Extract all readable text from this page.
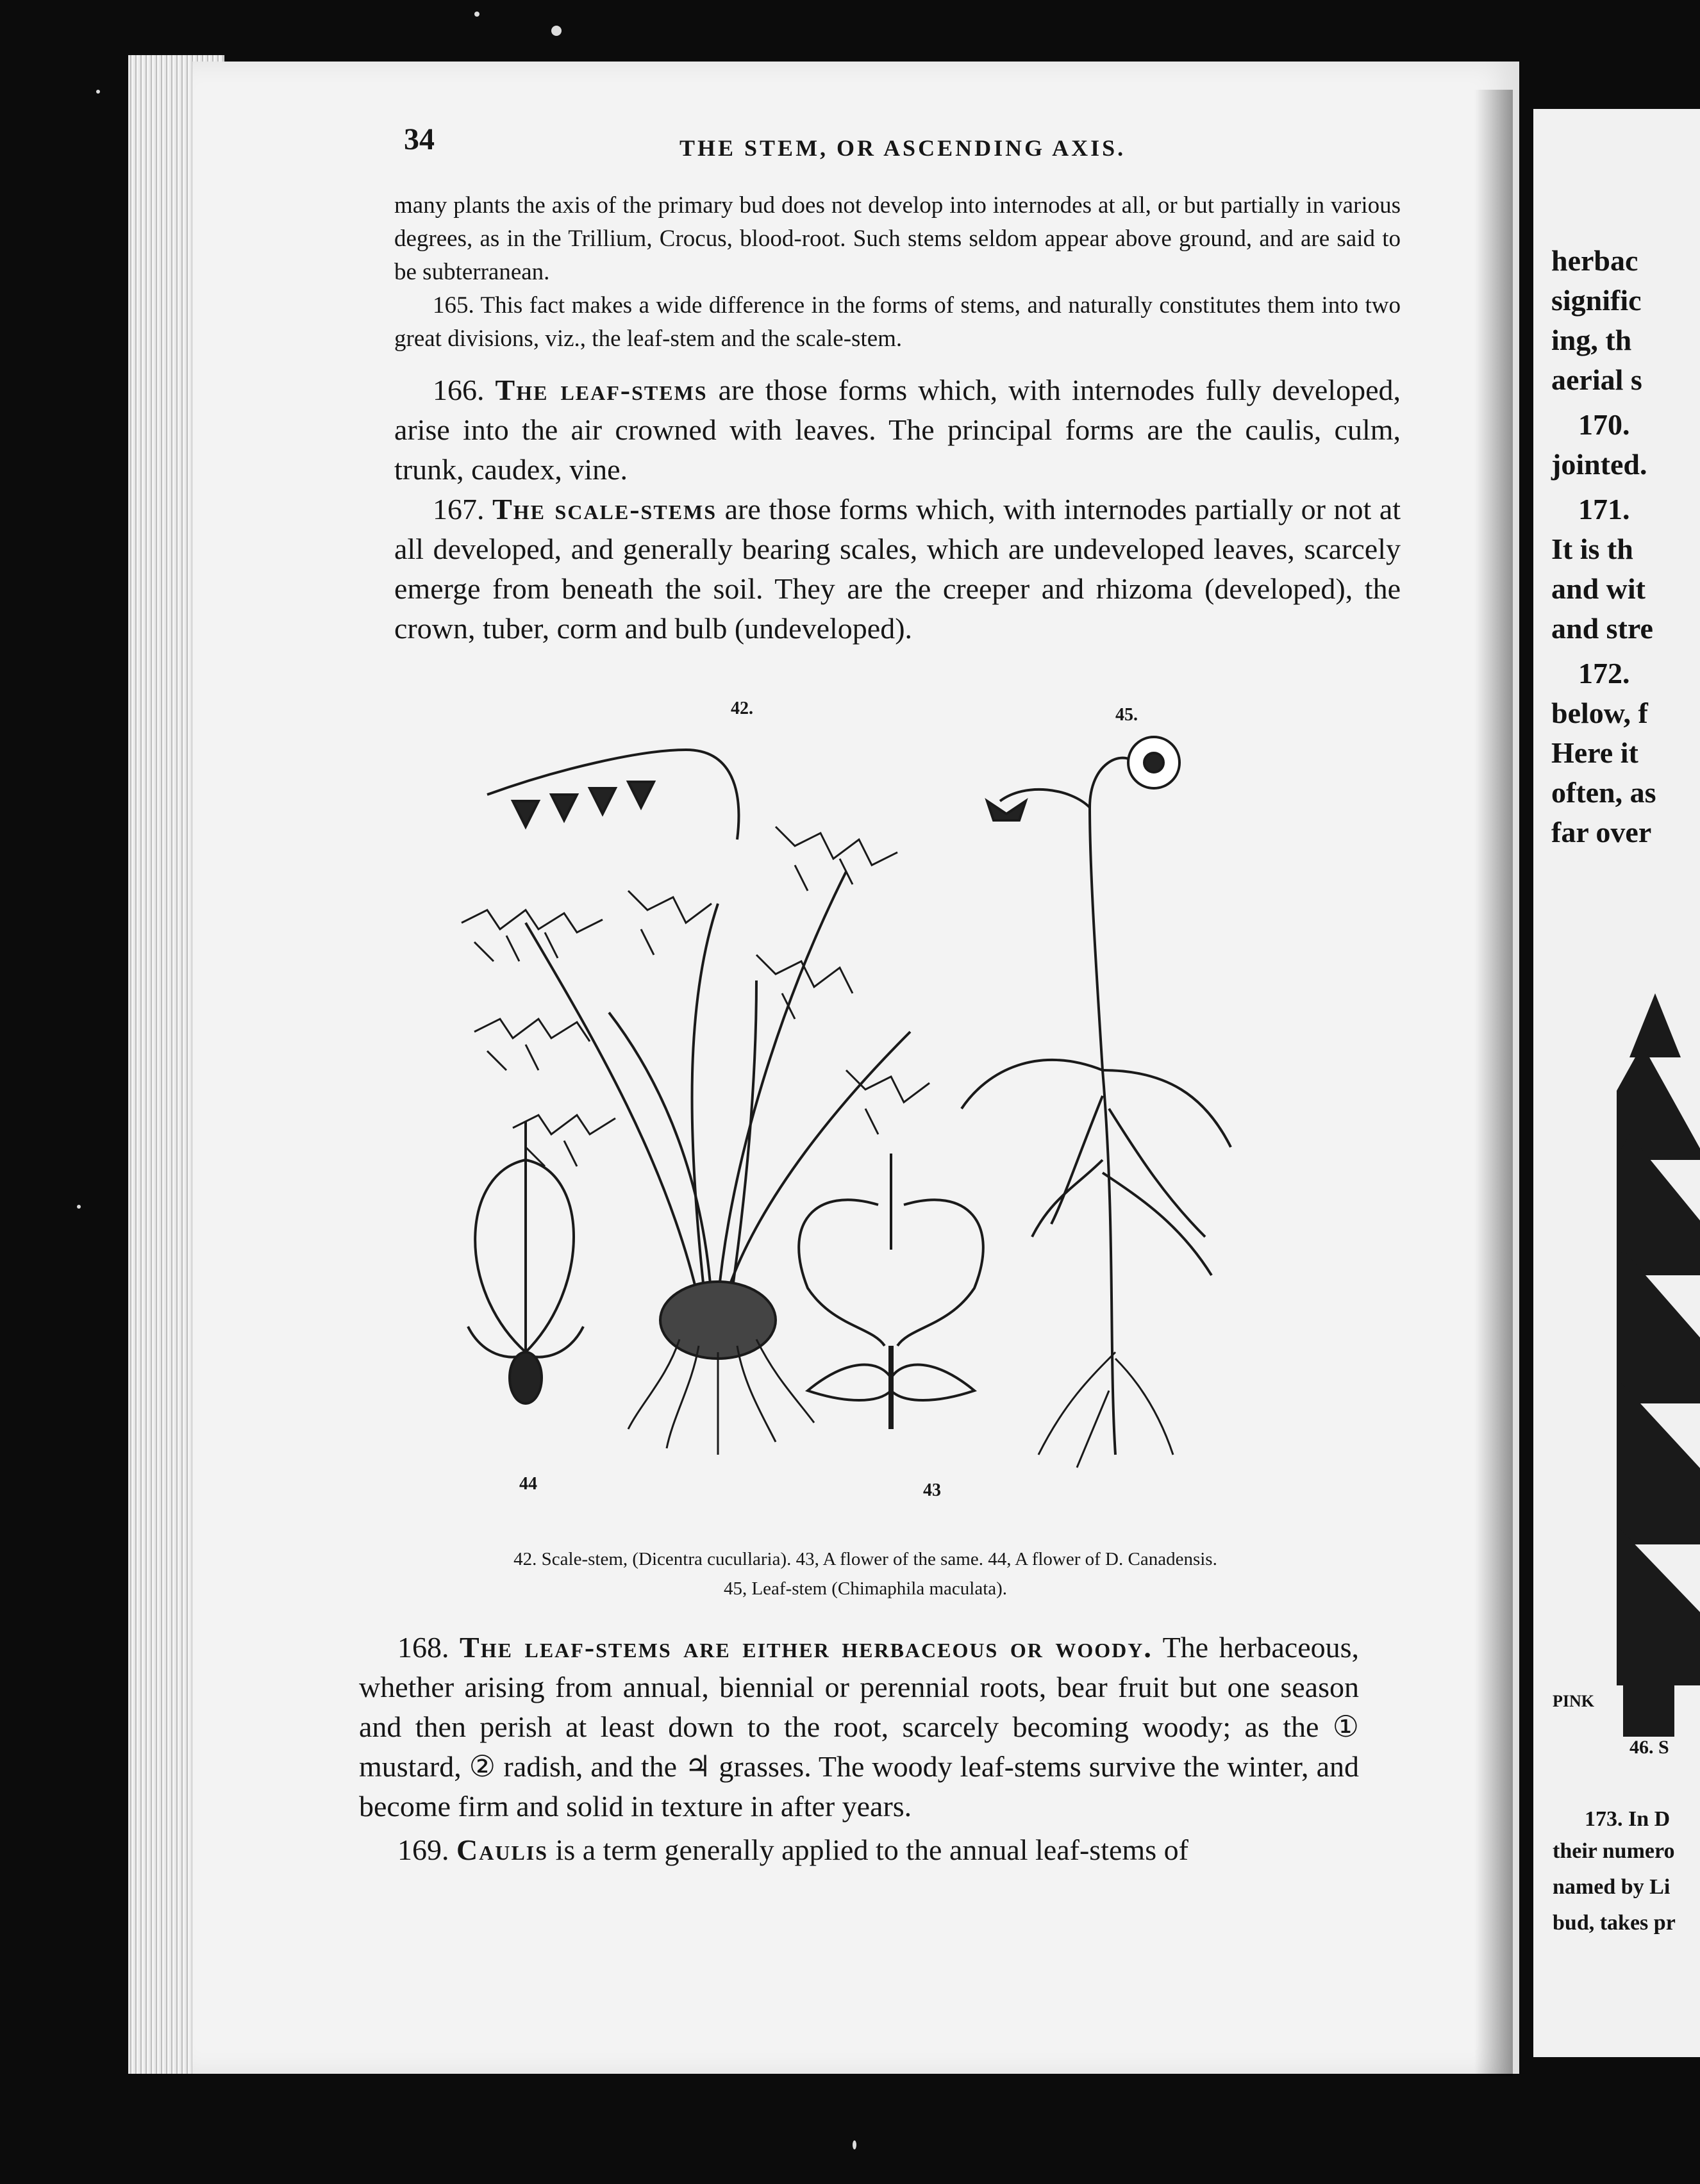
34	THE STEM, OR ASCENDING AXIS.

many plants the axis of the primary bud does not develop into internodes at all, or but partially in various degrees, as in the Trillium, Crocus, blood-root. Such stems seldom appear above ground, and are said to be subterranean.

165. This fact makes a wide difference in the forms of stems, and naturally constitutes them into two great divisions, viz., the leaf-stem and the scale-stem.

166. The leaf-stems are those forms which, with internodes fully developed, arise into the air crowned with leaves. The principal forms are the caulis, culm, trunk, caudex, vine.

167. The scale-stems are those forms which, with internodes partially or not at all developed, and generally bearing scales, which are undeveloped leaves, scarcely emerge from beneath the soil. They are the creeper and rhizoma (developed), the crown, tuber, corm and bulb (undeveloped).

42.	45.
44	43
42. Scale-stem, (Dicentra cucullaria). 43, A flower of the same. 44, A flower of D. Canadensis.
45, Leaf-stem (Chimaphila maculata).

168. The leaf-stems are either herbaceous or woody. The herbaceous, whether arising from annual, biennial or perennial roots, bear fruit but one season and then perish at least down to the root, scarcely becoming woody; as the ① mustard, ② radish, and the ♃ grasses. The woody leaf-stems survive the winter, and become firm and solid in texture in after years.

169. Caulis is a term generally applied to the annual leaf-stems of

herbac
signific
ing, th
aerial s
170.
jointed.
171.
It is th
and wit
and stre
172.
below, f
Here it
often, as
far over
PINK
46. S
173. In D
their numero
named by Li
bud, takes pr
